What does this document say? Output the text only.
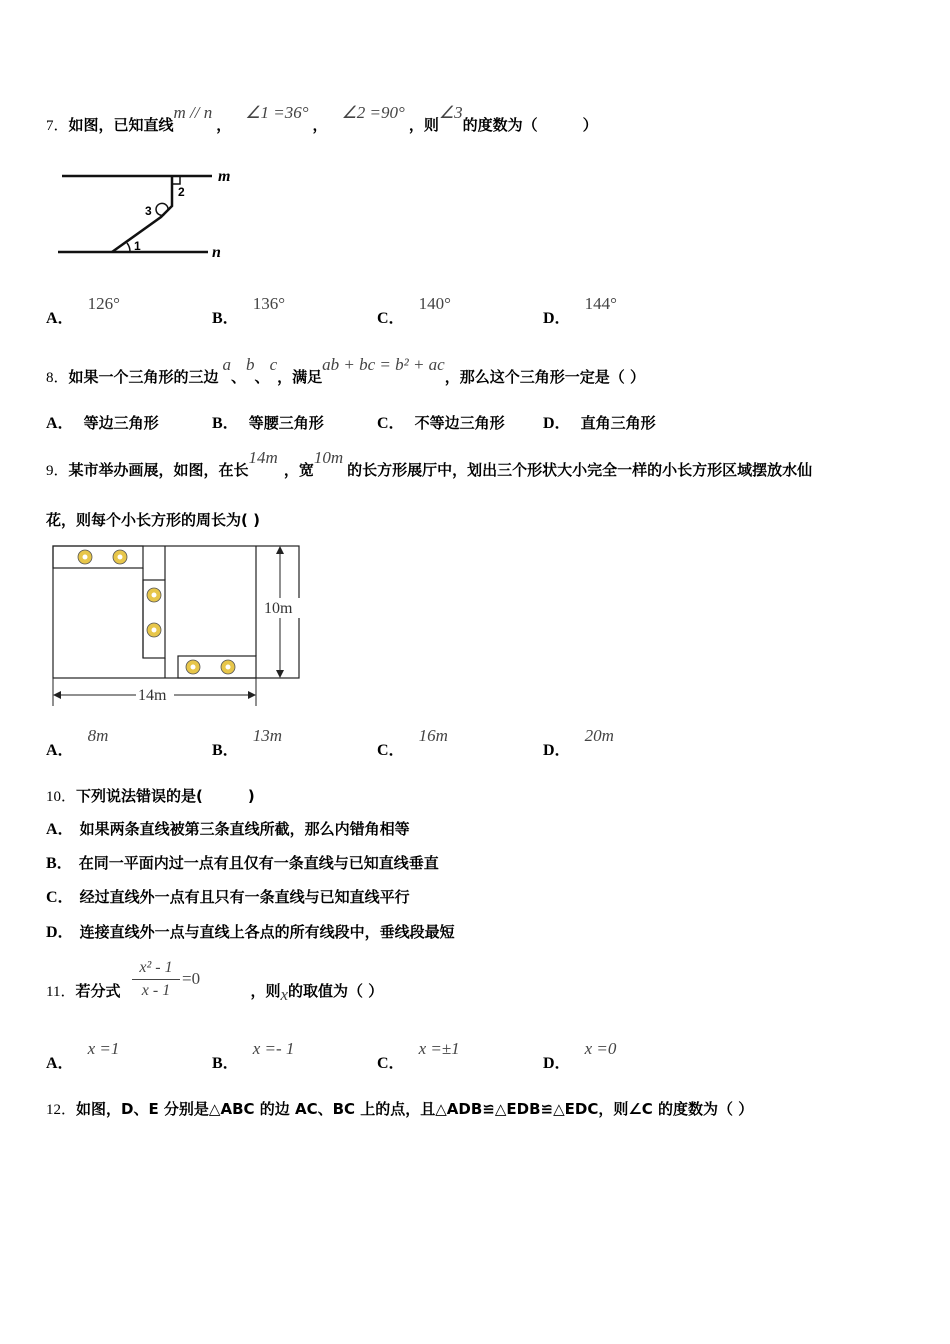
7．如图，已知直线m // n，∠1 =36°，∠2 =90°，则∠3的度数为（　　　）
m
n
1
2
3
A．126°
B．136°
C．140°
D．144°
8．如果一个三角形的三边a、b、c，满足ab + bc = b² + ac，那么这个三角形一定是（ ）
A． 等边三角形	B． 等腰三角形	C． 不等边三角形 D． 直角三角形
9．某市举办画展，如图，在长14m，宽10m的长方形展厅中，划出三个形状大小完全一样的小长方形区域摆放水仙
花，则每个小长方形的周长为( )
10m
14m
A．8m
B．13m
C．16m
D．20m
10．下列说法错误的是(　　　)
A． 如果两条直线被第三条直线所截，那么内错角相等
B． 在同一平面内过一点有且仅有一条直线与已知直线垂直
C． 经过直线外一点有且只有一条直线与已知直线平行
D． 连接直线外一点与直线上各点的所有线段中，垂线段最短
11．若分式	，则x的取值为（ ）
$\frac{\text{x² - 1}}{x - 1} =0$
A．x =1
B．x =- 1
C．x =±1
D．x =0
12．如图，D、E 分别是△ABC 的边 AC、BC 上的点，且△ADB≌△EDB≌△EDC，则∠C 的度数为（ ）
